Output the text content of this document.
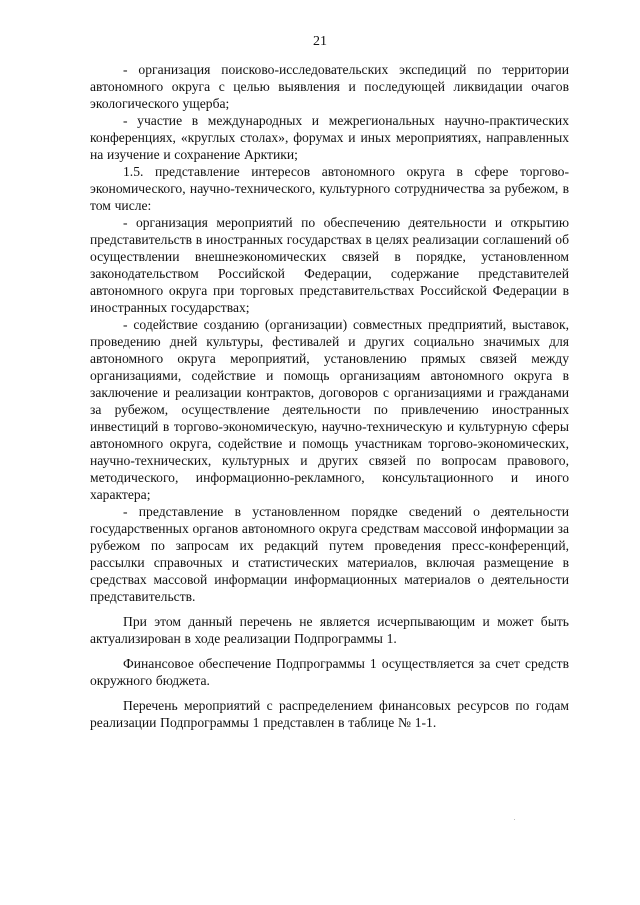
21

- организация поисково-исследовательских экспедиций по территории автономного округа с целью выявления и последующей ликвидации очагов экологического ущерба;

- участие в международных и межрегиональных научно-практических конференциях, «круглых столах», форумах и иных мероприятиях, направленных на изучение и сохранение Арктики;

1.5. представление интересов автономного округа в сфере торгово-экономического, научно-технического, культурного сотрудничества за рубежом, в том числе:

- организация мероприятий по обеспечению деятельности и открытию представительств в иностранных государствах в целях реализации соглашений об осуществлении внешнеэкономических связей в порядке, установленном законодательством Российской Федерации, содержание представителей автономного округа при торговых представительствах Российской Федерации в иностранных государствах;

- содействие созданию (организации) совместных предприятий, выставок, проведению дней культуры, фестивалей и других социально значимых для автономного округа мероприятий, установлению прямых связей между организациями, содействие и помощь организациям автономного округа в заключение и реализации контрактов, договоров с организациями и гражданами за рубежом, осуществление деятельности по привлечению иностранных инвестиций в торгово-экономическую, научно-техническую и культурную сферы автономного округа, содействие и помощь участникам торгово-экономических, научно-технических, культурных и других связей по вопросам правового, методического, информационно-рекламного, консультационного и иного характера;

- представление в установленном порядке сведений о деятельности государственных органов автономного округа средствам массовой информации за рубежом по запросам их редакций путем проведения пресс-конференций, рассылки справочных и статистических материалов, включая размещение в средствах массовой информации информационных материалов о деятельности представительств.

При этом данный перечень не является исчерпывающим и может быть актуализирован в ходе реализации Подпрограммы 1.

Финансовое обеспечение Подпрограммы 1 осуществляется за счет средств окружного бюджета.

Перечень мероприятий с распределением финансовых ресурсов по годам реализации Подпрограммы 1 представлен в таблице № 1-1.
